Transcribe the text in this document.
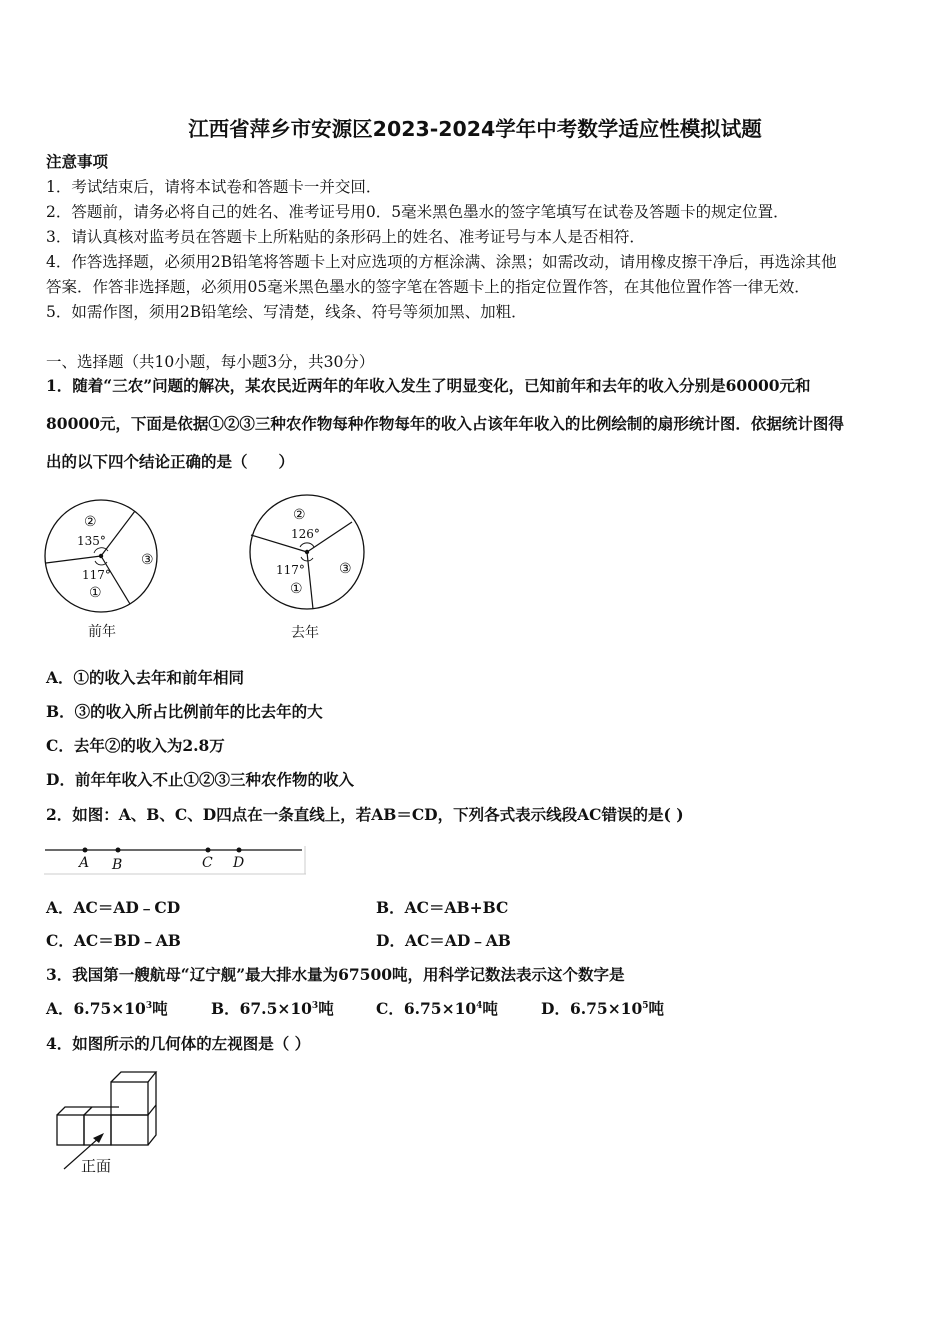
江西省萍乡市安源区2023-2024学年中考数学适应性模拟试题
注意事项
1．考试结束后，请将本试卷和答题卡一并交回．
2．答题前，请务必将自己的姓名、准考证号用0．5毫米黑色墨水的签字笔填写在试卷及答题卡的规定位置．
3．请认真核对监考员在答题卡上所粘贴的条形码上的姓名、准考证号与本人是否相符．
4．作答选择题，必须用2B铅笔将答题卡上对应选项的方框涂满、涂黑；如需改动，请用橡皮擦干净后，再选涂其他
答案．作答非选择题，必须用05毫米黑色墨水的签字笔在答题卡上的指定位置作答，在其他位置作答一律无效．
5．如需作图，须用2B铅笔绘、写清楚，线条、符号等须加黑、加粗．
一、选择题（共10小题，每小题3分，共30分）
1．随着“三农”问题的解决，某农民近两年的年收入发生了明显变化，已知前年和去年的收入分别是60000元和
80000元，下面是依据①②③三种农作物每种作物每年的收入占该年年收入的比例绘制的扇形统计图．依据统计图得
出的以下四个结论正确的是（　　）
②
135°
③
117°
①
前年
②
126°
③
117°
①
去年
A．①的收入去年和前年相同
B．③的收入所占比例前年的比去年的大
C．去年②的收入为2.8万
D．前年年收入不止①②③三种农作物的收入
2．如图：A、B、C、D四点在一条直线上，若AB＝CD，下列各式表示线段AC错误的是( )
A B	C D
A．AC＝AD﹣CD	B．AC＝AB+BC
C．AC＝BD﹣AB	D．AC＝AD﹣AB
3．我国第一艘航母“辽宁舰”最大排水量为67500吨，用科学记数法表示这个数字是
A．$6.75\times 10^3$吨	B．$67.5\times 10^3$吨	C．$6.75\times 10^4$吨	D．$6.75\times 10^5$吨
4．如图所示的几何体的左视图是（ ）
正面
